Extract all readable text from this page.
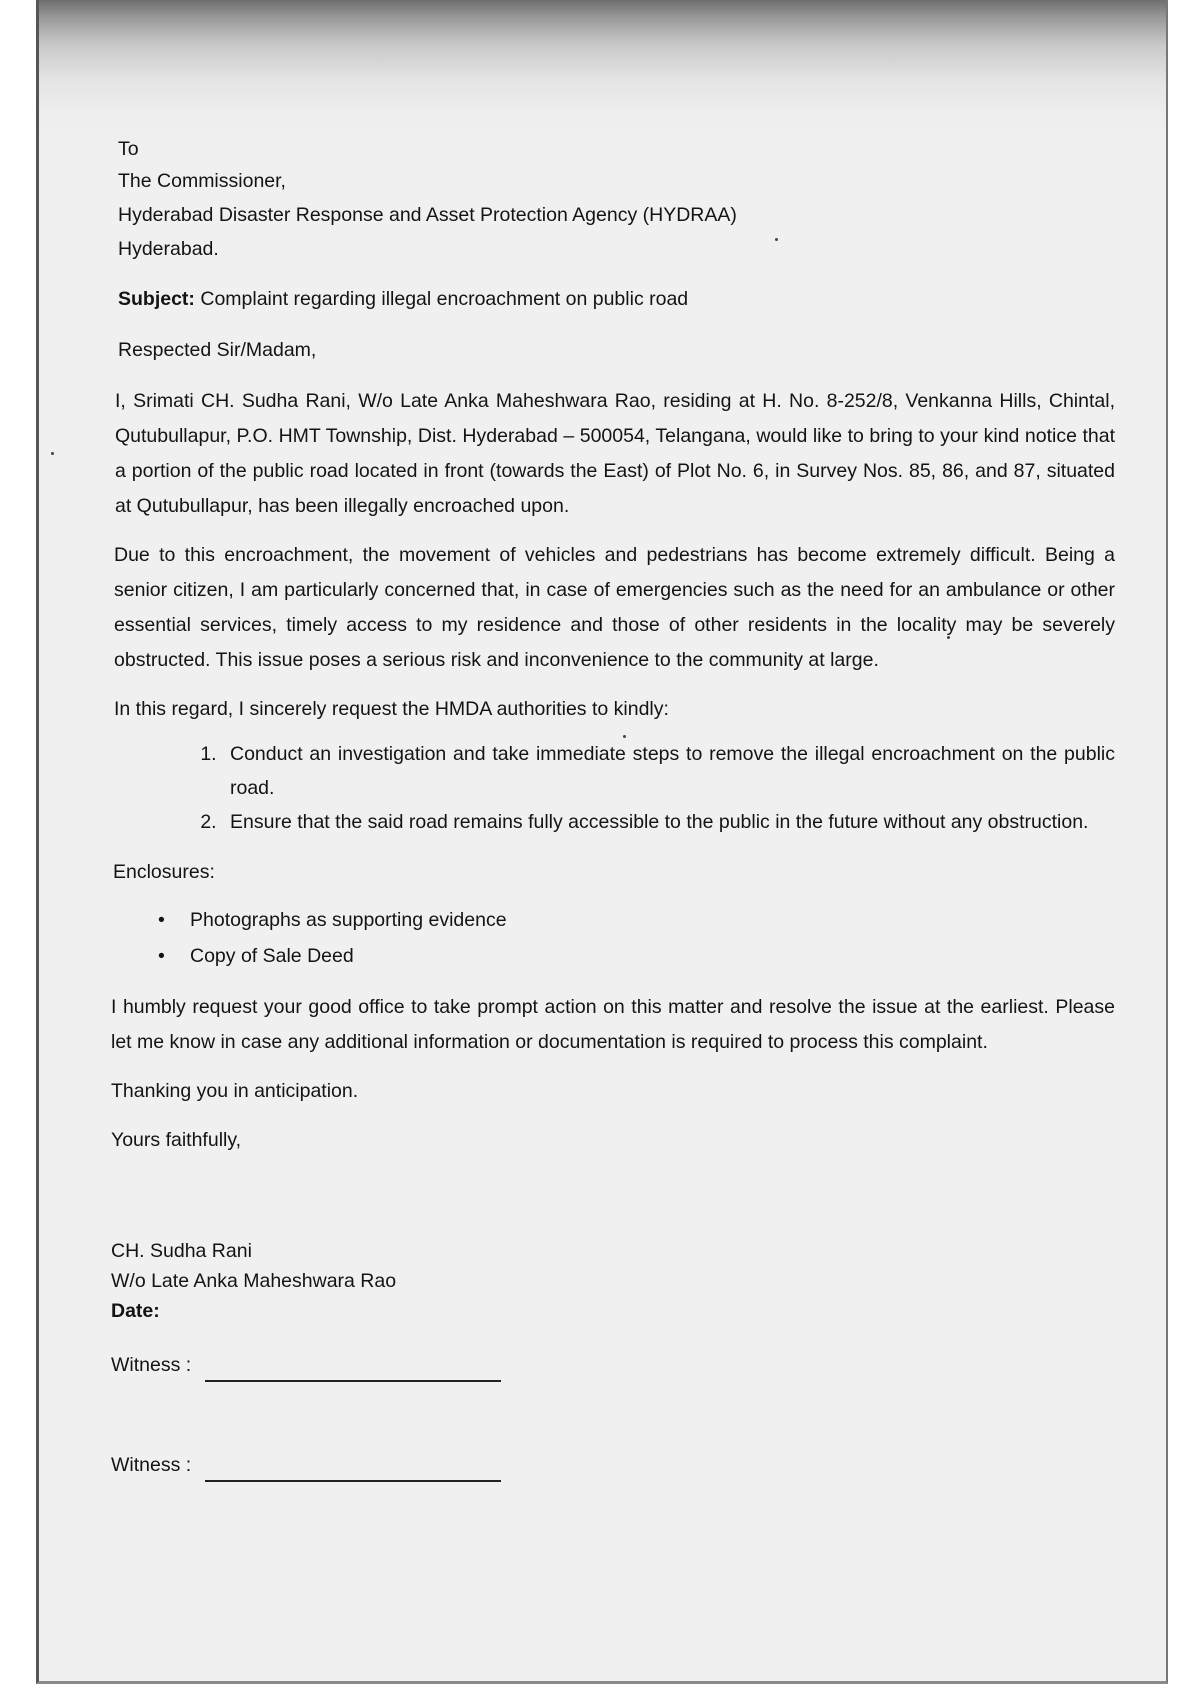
To
The Commissioner,
Hyderabad Disaster Response and Asset Protection Agency (HYDRAA)
Hyderabad.

Subject: Complaint regarding illegal encroachment on public road

Respected Sir/Madam,

I, Srimati CH. Sudha Rani, W/o Late Anka Maheshwara Rao, residing at H. No. 8-252/8, Venkanna Hills, Chintal, Qutubullapur, P.O. HMT Township, Dist. Hyderabad – 500054, Telangana, would like to bring to your kind notice that a portion of the public road located in front (towards the East) of Plot No. 6, in Survey Nos. 85, 86, and 87, situated at Qutubullapur, has been illegally encroached upon.

Due to this encroachment, the movement of vehicles and pedestrians has become extremely difficult. Being a senior citizen, I am particularly concerned that, in case of emergencies such as the need for an ambulance or other essential services, timely access to my residence and those of other residents in the locality may be severely obstructed. This issue poses a serious risk and inconvenience to the community at large.

In this regard, I sincerely request the HMDA authorities to kindly:

1. Conduct an investigation and take immediate steps to remove the illegal encroachment on the public road.
2. Ensure that the said road remains fully accessible to the public in the future without any obstruction.

Enclosures:

• Photographs as supporting evidence
• Copy of Sale Deed

I humbly request your good office to take prompt action on this matter and resolve the issue at the earliest. Please let me know in case any additional information or documentation is required to process this complaint.

Thanking you in anticipation.

Yours faithfully,

CH. Sudha Rani
W/o Late Anka Maheshwara Rao
Date:
Witness :
Witness :
